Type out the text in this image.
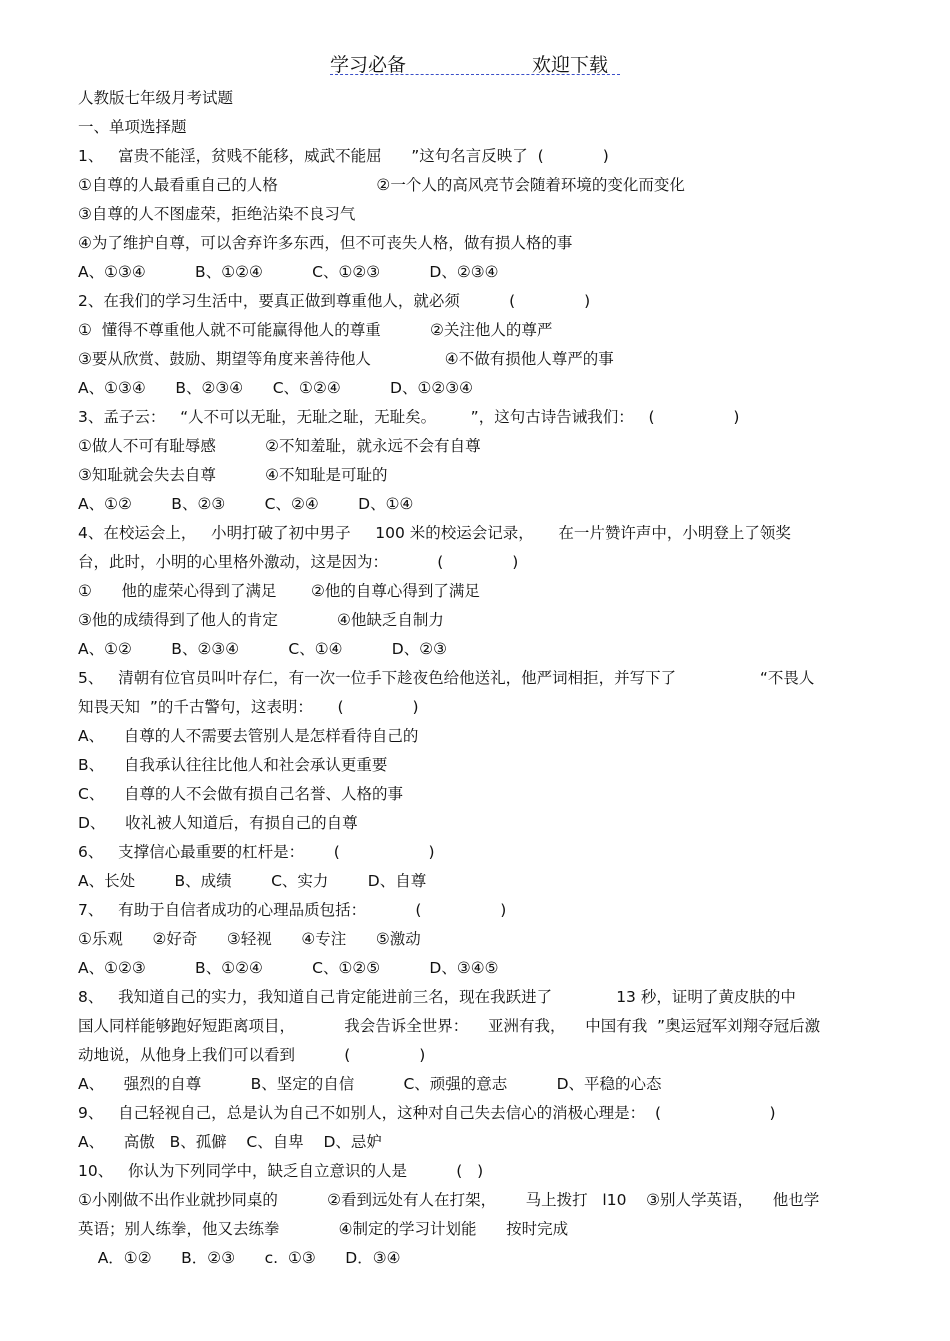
学习必备	欢迎下载
人教版七年级月考试题
一、单项选择题
1、   富贵不能淫，贫贱不能移，威武不能屈      ”这句名言反映了  (            )
①自尊的人最看重自己的人格                    ②一个人的高风亮节会随着环境的变化而变化
③自尊的人不图虚荣，拒绝沾染不良习气
④为了维护自尊，可以舍弃许多东西，但不可丧失人格，做有损人格的事
A、①③④          B、①②④          C、①②③          D、②③④
2、在我们的学习生活中，要真正做到尊重他人，就必须          (              )
①  懂得不尊重他人就不可能赢得他人的尊重          ②关注他人的尊严
③要从欣赏、鼓励、期望等角度来善待他人               ④不做有损他人尊严的事
A、①③④      B、②③④      C、①②④          D、①②③④
3、孟子云：   “人不可以无耻，无耻之耻，无耻矣。       ”，这句古诗告诫我们：   (                )
①做人不可有耻辱感          ②不知羞耻，就永远不会有自尊
③知耻就会失去自尊          ④不知耻是可耻的
A、①②        B、②③        C、②④        D、①④
4、在校运会上，   小明打破了初中男子     100 米的校运会记录，     在一片赞许声中，小明登上了领奖
台，此时，小明的心里格外激动，这是因为：          (              )
①      他的虚荣心得到了满足       ②他的自尊心得到了满足
③他的成绩得到了他人的肯定            ④他缺乏自制力
A、①②        B、②③④          C、①④          D、②③
5、   清朝有位官员叫叶存仁，有一次一位手下趁夜色给他送礼，他严词相拒，并写下了                 “不畏人
知畏天知  ”的千古警句，这表明：     (              )
A、    自尊的人不需要去管别人是怎样看待自己的
B、    自我承认往往比他人和社会承认更重要
C、    自尊的人不会做有损自己名誉、人格的事
D、    收礼被人知道后，有损自己的自尊
6、   支撑信心最重要的杠杆是：      (                  )
A、长处        B、成绩        C、实力        D、自尊
7、   有助于自信者成功的心理品质包括：          (                )
①乐观      ②好奇      ③轻视      ④专注      ⑤激动
A、①②③          B、①②④          C、①②⑤          D、③④⑤
8、   我知道自己的实力，我知道自己肯定能进前三名，现在我跃进了             13 秒，证明了黄皮肤的中
国人同样能够跑好短距离项目，          我会告诉全世界：    亚洲有我，    中国有我  ”奥运冠军刘翔夺冠后激
动地说，从他身上我们可以看到          (              )
A、    强烈的自尊          B、坚定的自信          C、顽强的意志          D、平稳的心态
9、   自己轻视自己，总是认为自己不如别人，这种对自己失去信心的消极心理是：  (                      )
A、    高傲   B、孤僻    C、自卑    D、忌妒
10、   你认为下列同学中，缺乏自立意识的人是          (   )
①小刚做不出作业就抄同桌的          ②看到远处有人在打架，      马上拨打   l10    ③别人学英语，    他也学
英语；别人练拳，他又去练拳            ④制定的学习计划能      按时完成
A．①②      B．②③      c.  ①③      D．③④
